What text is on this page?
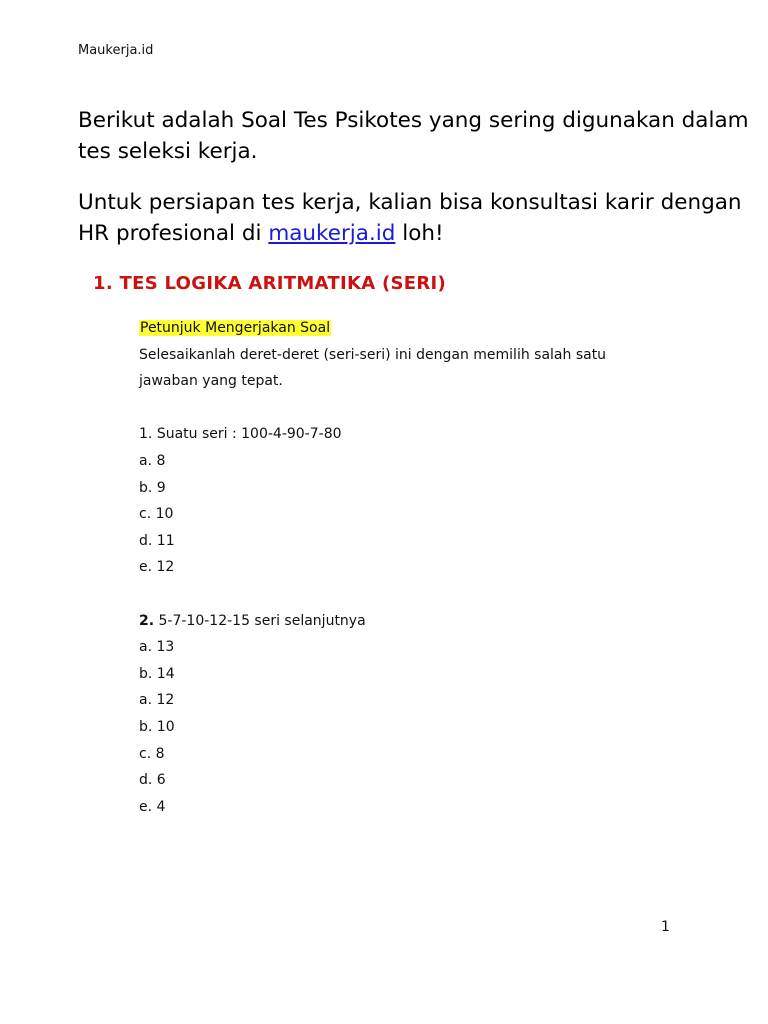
Maukerja.id

Berikut adalah Soal Tes Psikotes yang sering digunakan dalam tes seleksi kerja.

Untuk persiapan tes kerja, kalian bisa konsultasi karir dengan HR profesional di maukerja.id loh!

1. TES LOGIKA ARITMATIKA (SERI)
Petunjuk Mengerjakan Soal
Selesaikanlah deret-deret (seri-seri) ini dengan memilih salah satu
jawaban yang tepat.
1. Suatu seri : 100-4-90-7-80
a. 8
b. 9
c. 10
d. 11
e. 12
2. 5-7-10-12-15 seri selanjutnya
a. 13
b. 14
a. 12
b. 10
c. 8
d. 6
e. 4
1
